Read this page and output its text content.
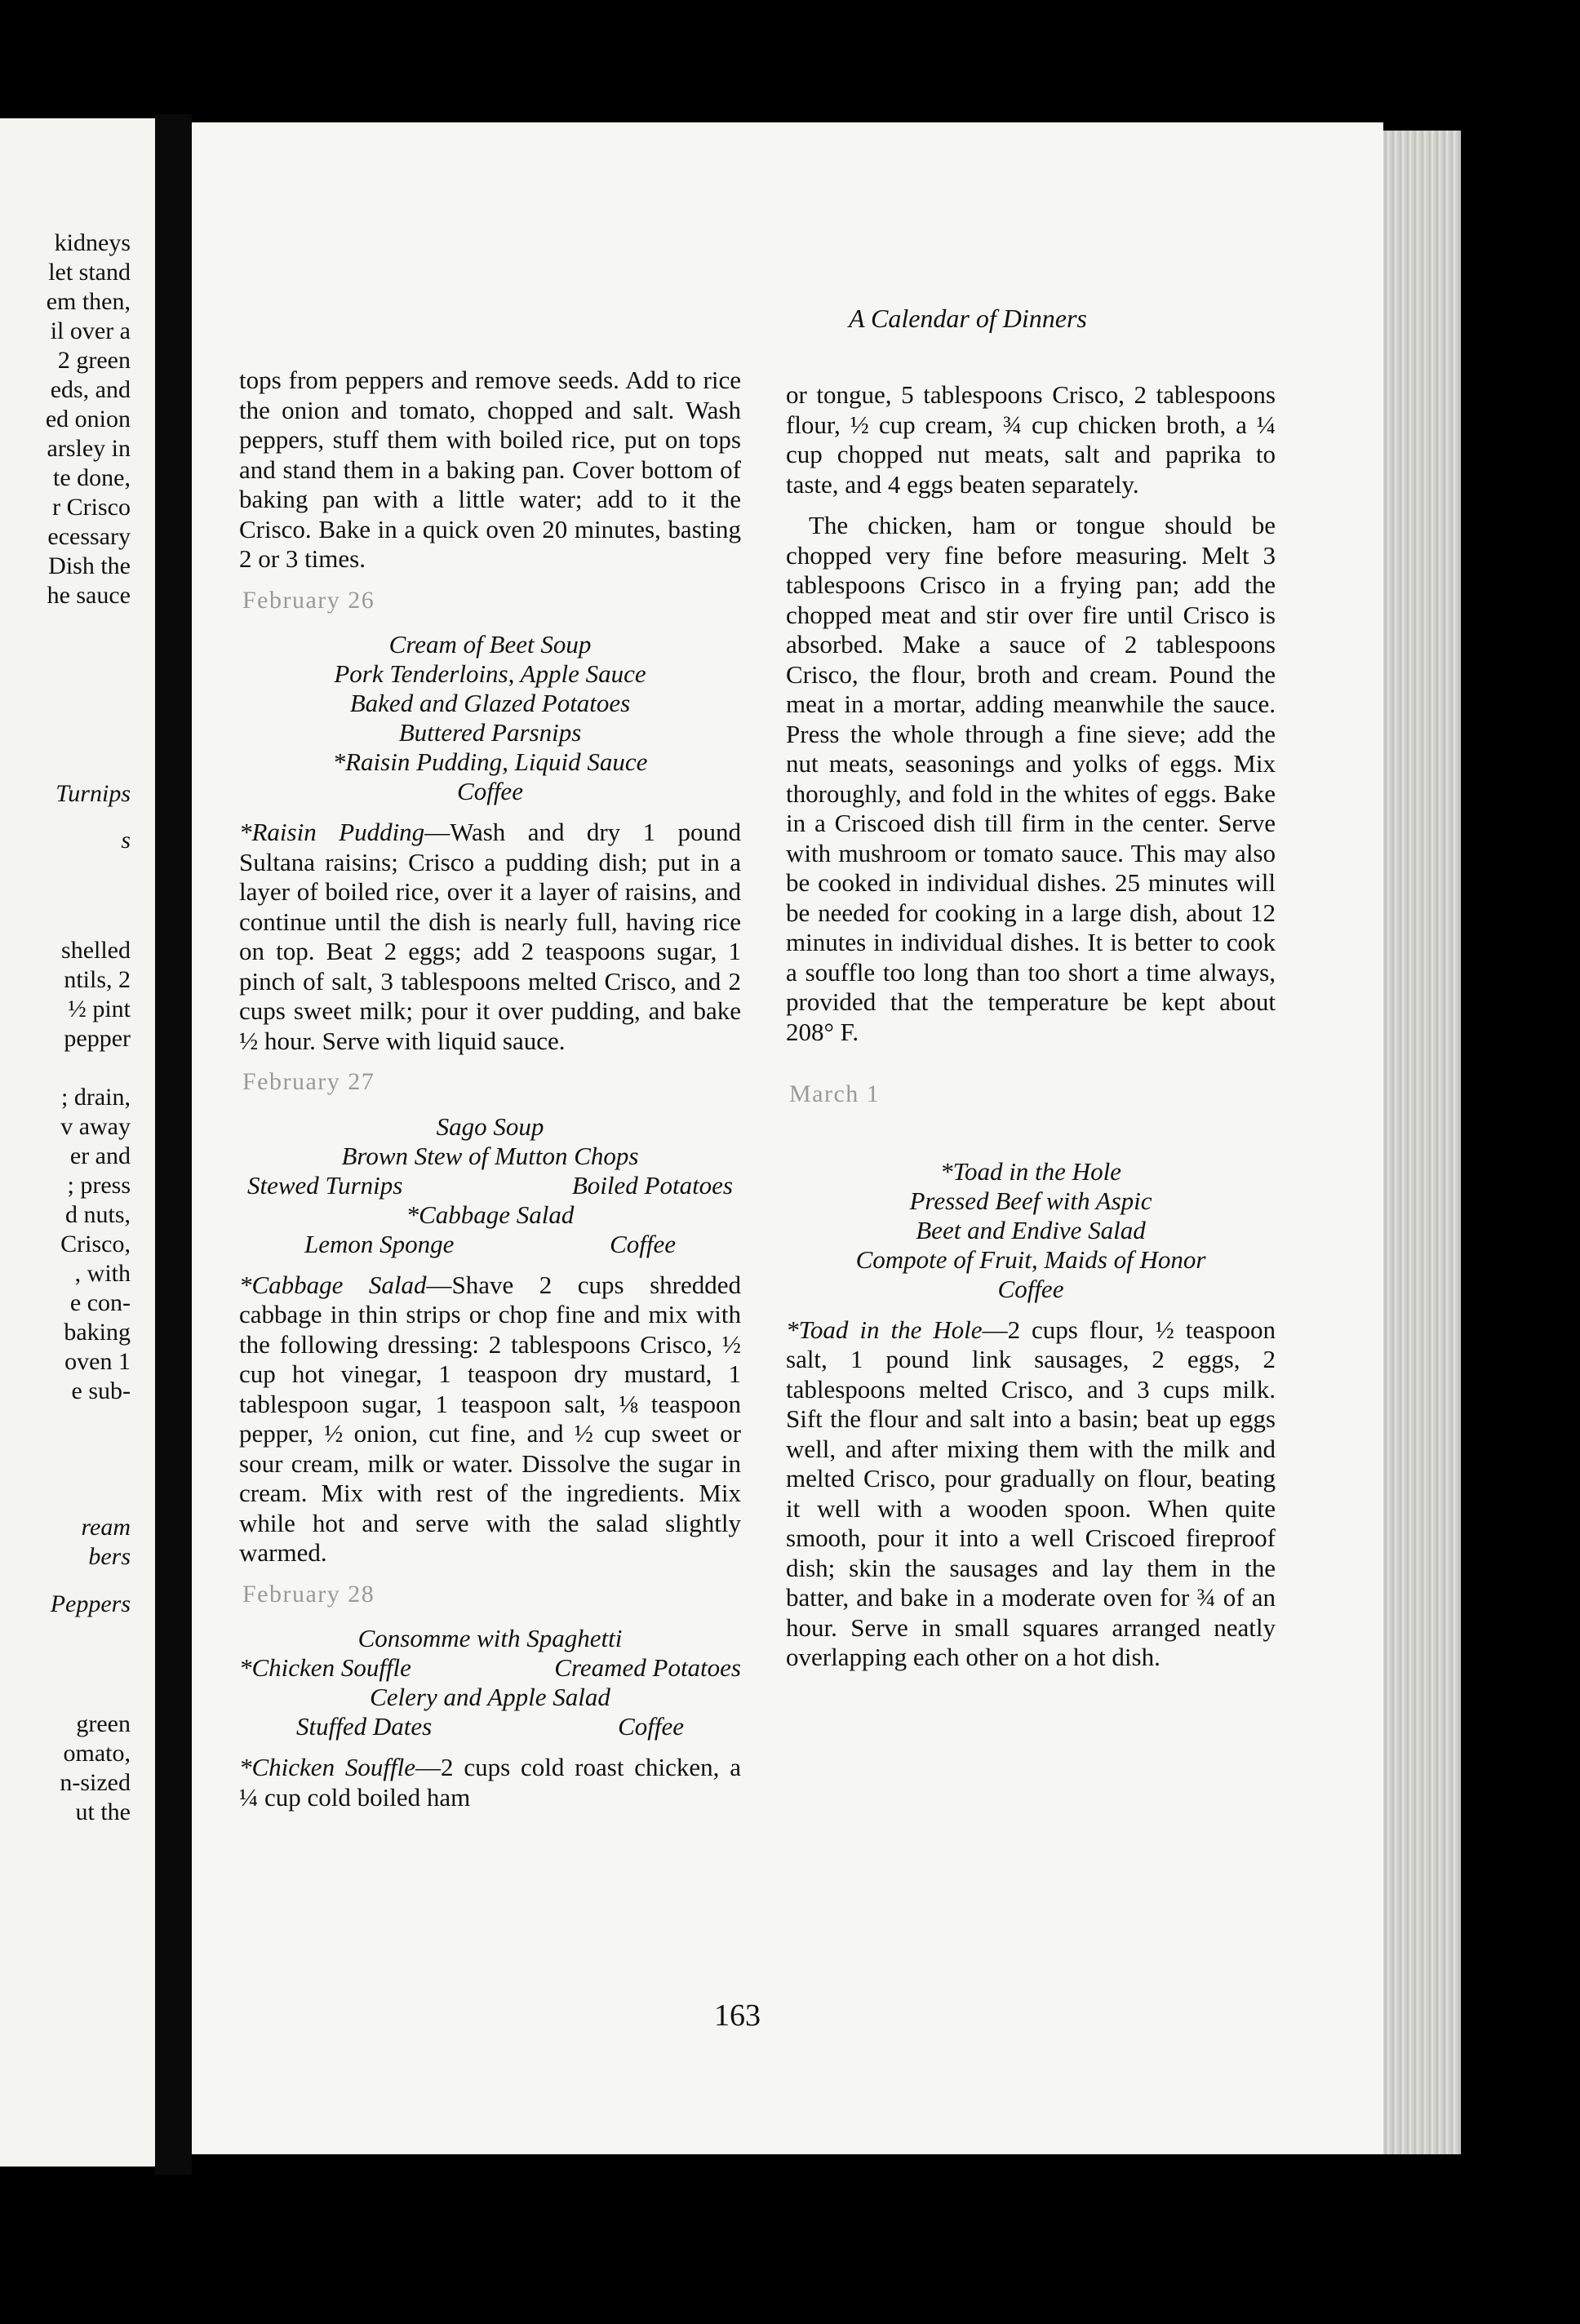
kidneys
let stand
em then,
il over a
2 green
eds, and
ed onion
arsley in
te done,
r Crisco
ecessary
Dish the
he sauce
Turnips
s
shelled
ntils, 2
½ pint
pepper
; drain,
v away
er and
; press
d nuts,
Crisco,
, with
e con-
baking
oven 1
e sub-
ream
bers
Peppers
green
omato,
n-sized
ut the
A Calendar of Dinners

tops from peppers and remove seeds. Add to rice the onion and tomato, chopped and salt. Wash peppers, stuff them with boiled rice, put on tops and stand them in a baking pan. Cover bottom of baking pan with a little water; add to it the Crisco. Bake in a quick oven 20 minutes, basting 2 or 3 times.

February 26
Cream of Beet Soup
Pork Tenderloins, Apple Sauce
Baked and Glazed Potatoes
Buttered Parsnips
*Raisin Pudding, Liquid Sauce
Coffee

*Raisin Pudding—Wash and dry 1 pound Sultana raisins; Crisco a pudding dish; put in a layer of boiled rice, over it a layer of raisins, and continue until the dish is nearly full, having rice on top. Beat 2 eggs; add 2 teaspoons sugar, 1 pinch of salt, 3 tablespoons melted Crisco, and 2 cups sweet milk; pour it over pudding, and bake ½ hour. Serve with liquid sauce.

February 27
Sago Soup
Brown Stew of Mutton Chops
Stewed Turnips	Boiled Potatoes
*Cabbage Salad
Lemon Sponge	Coffee

*Cabbage Salad—Shave 2 cups shredded cabbage in thin strips or chop fine and mix with the following dressing: 2 tablespoons Crisco, ½ cup hot vinegar, 1 teaspoon dry mustard, 1 tablespoon sugar, 1 teaspoon salt, ⅛ teaspoon pepper, ½ onion, cut fine, and ½ cup sweet or sour cream, milk or water. Dissolve the sugar in cream. Mix with rest of the ingredients. Mix while hot and serve with the salad slightly warmed.

February 28
Consomme with Spaghetti
*Chicken Souffle	Creamed Potatoes
Celery and Apple Salad
Stuffed Dates	Coffee

*Chicken Souffle—2 cups cold roast chicken, a ¼ cup cold boiled ham

or tongue, 5 tablespoons Crisco, 2 tablespoons flour, ½ cup cream, ¾ cup chicken broth, a ¼ cup chopped nut meats, salt and paprika to taste, and 4 eggs beaten separately.

The chicken, ham or tongue should be chopped very fine before measuring. Melt 3 tablespoons Crisco in a frying pan; add the chopped meat and stir over fire until Crisco is absorbed. Make a sauce of 2 tablespoons Crisco, the flour, broth and cream. Pound the meat in a mortar, adding meanwhile the sauce. Press the whole through a fine sieve; add the nut meats, seasonings and yolks of eggs. Mix thoroughly, and fold in the whites of eggs. Bake in a Criscoed dish till firm in the center. Serve with mushroom or tomato sauce. This may also be cooked in individual dishes. 25 minutes will be needed for cooking in a large dish, about 12 minutes in individual dishes. It is better to cook a souffle too long than too short a time always, provided that the temperature be kept about 208° F.

March 1
*Toad in the Hole
Pressed Beef with Aspic
Beet and Endive Salad
Compote of Fruit, Maids of Honor
Coffee

*Toad in the Hole—2 cups flour, ½ teaspoon salt, 1 pound link sausages, 2 eggs, 2 tablespoons melted Crisco, and 3 cups milk. Sift the flour and salt into a basin; beat up eggs well, and after mixing them with the milk and melted Crisco, pour gradually on flour, beating it well with a wooden spoon. When quite smooth, pour it into a well Criscoed fireproof dish; skin the sausages and lay them in the batter, and bake in a moderate oven for ¾ of an hour. Serve in small squares arranged neatly overlapping each other on a hot dish.

163
